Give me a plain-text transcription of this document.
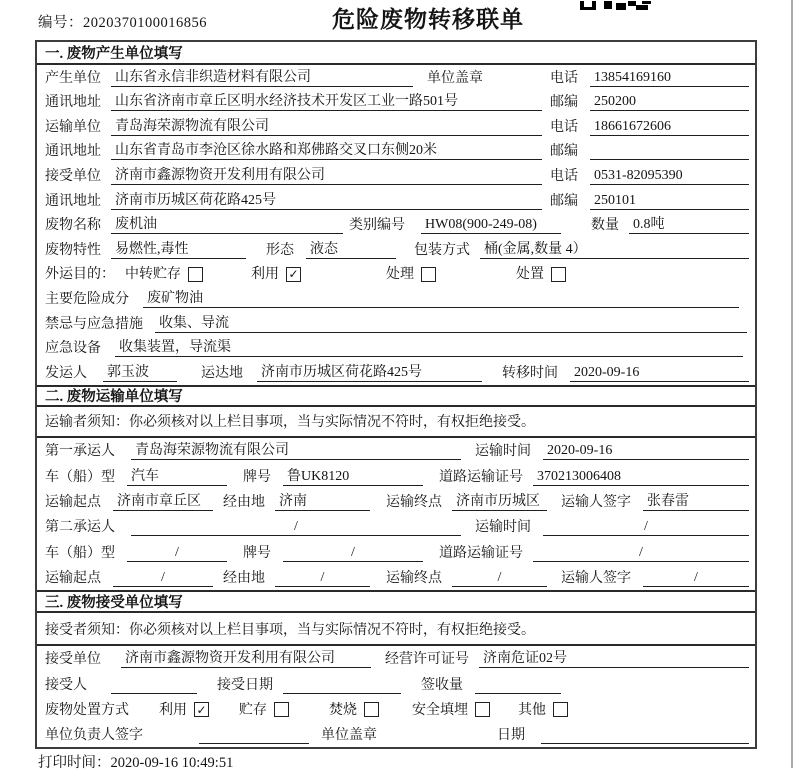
编号：2020370100016856	危险废物转移联单
一. 废物产生单位填写
产生单位 山东省永信非织造材料有限公司	单位盖章	电话 13854169160
通讯地址 山东省济南市章丘区明水经济技术开发区工业一路501号	邮编 250200
运输单位 青岛海荣源物流有限公司	电话 18661672606
通讯地址 山东省青岛市李沧区徐水路和郑佛路交叉口东侧20米	邮编
接受单位 济南市鑫源物资开发利用有限公司	电话 0531-82095390
通讯地址 济南市历城区荷花路425号	邮编 250101
废物名称 废机油	类别编号 HW08(900-249-08)	数量 0.8吨
废物特性 易燃性,毒性	形态 液态	包装方式 桶(金属,数量 4）
外运目的： 中转贮存	利用 ✓	处理	处置
主要危险成分 废矿物油
禁忌与应急措施 收集、导流
应急设备 收集装置，导流渠
发运人 郭玉波	运达地 济南市历城区荷花路425号	转移时间 2020-09-16
二. 废物运输单位填写
运输者须知：你必须核对以上栏目事项，当与实际情况不符时，有权拒绝接受。
第一承运人 青岛海荣源物流有限公司	运输时间 2020-09-16
车（船）型 汽车	牌号 鲁UK8120	道路运输证号 370213006408
运输起点 济南市章丘区	经由地 济南	运输终点 济南市历城区	运输人签字 张春雷
第二承运人	/	运输时间	/
车（船）型	/	牌号	/	道路运输证号	/
运输起点	/	经由地	/	运输终点	/	运输人签字	/
三. 废物接受单位填写
接受者须知：你必须核对以上栏目事项，当与实际情况不符时，有权拒绝接受。
接受单位 济南市鑫源物资开发利用有限公司	经营许可证号 济南危证02号
接受人	接受日期	签收量
废物处置方式 利用 ✓ 贮存	焚烧	安全填埋	其他
单位负责人签字	单位盖章	日期
打印时间：2020-09-16 10:49:51
